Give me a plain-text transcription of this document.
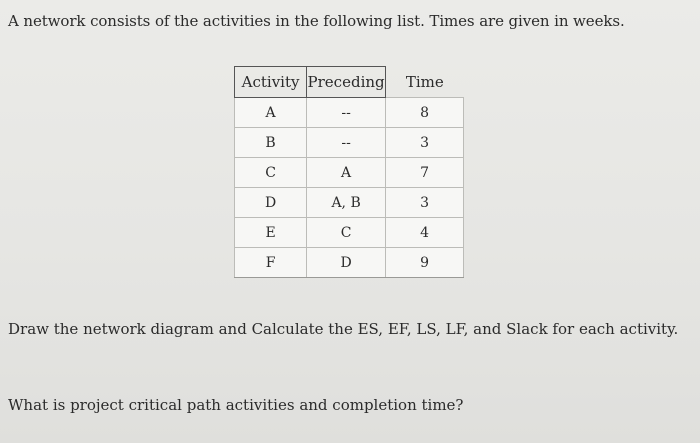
A network consists of the activities in the following list. Times are given in weeks.
Activity	Preceding	Time
A	--	8
B	--	3
C	A	7
D	A, B	3
E	C	4
F	D	9
Draw the network diagram and Calculate the ES, EF, LS, LF, and Slack for each activity.
What is project critical path activities and completion time?
